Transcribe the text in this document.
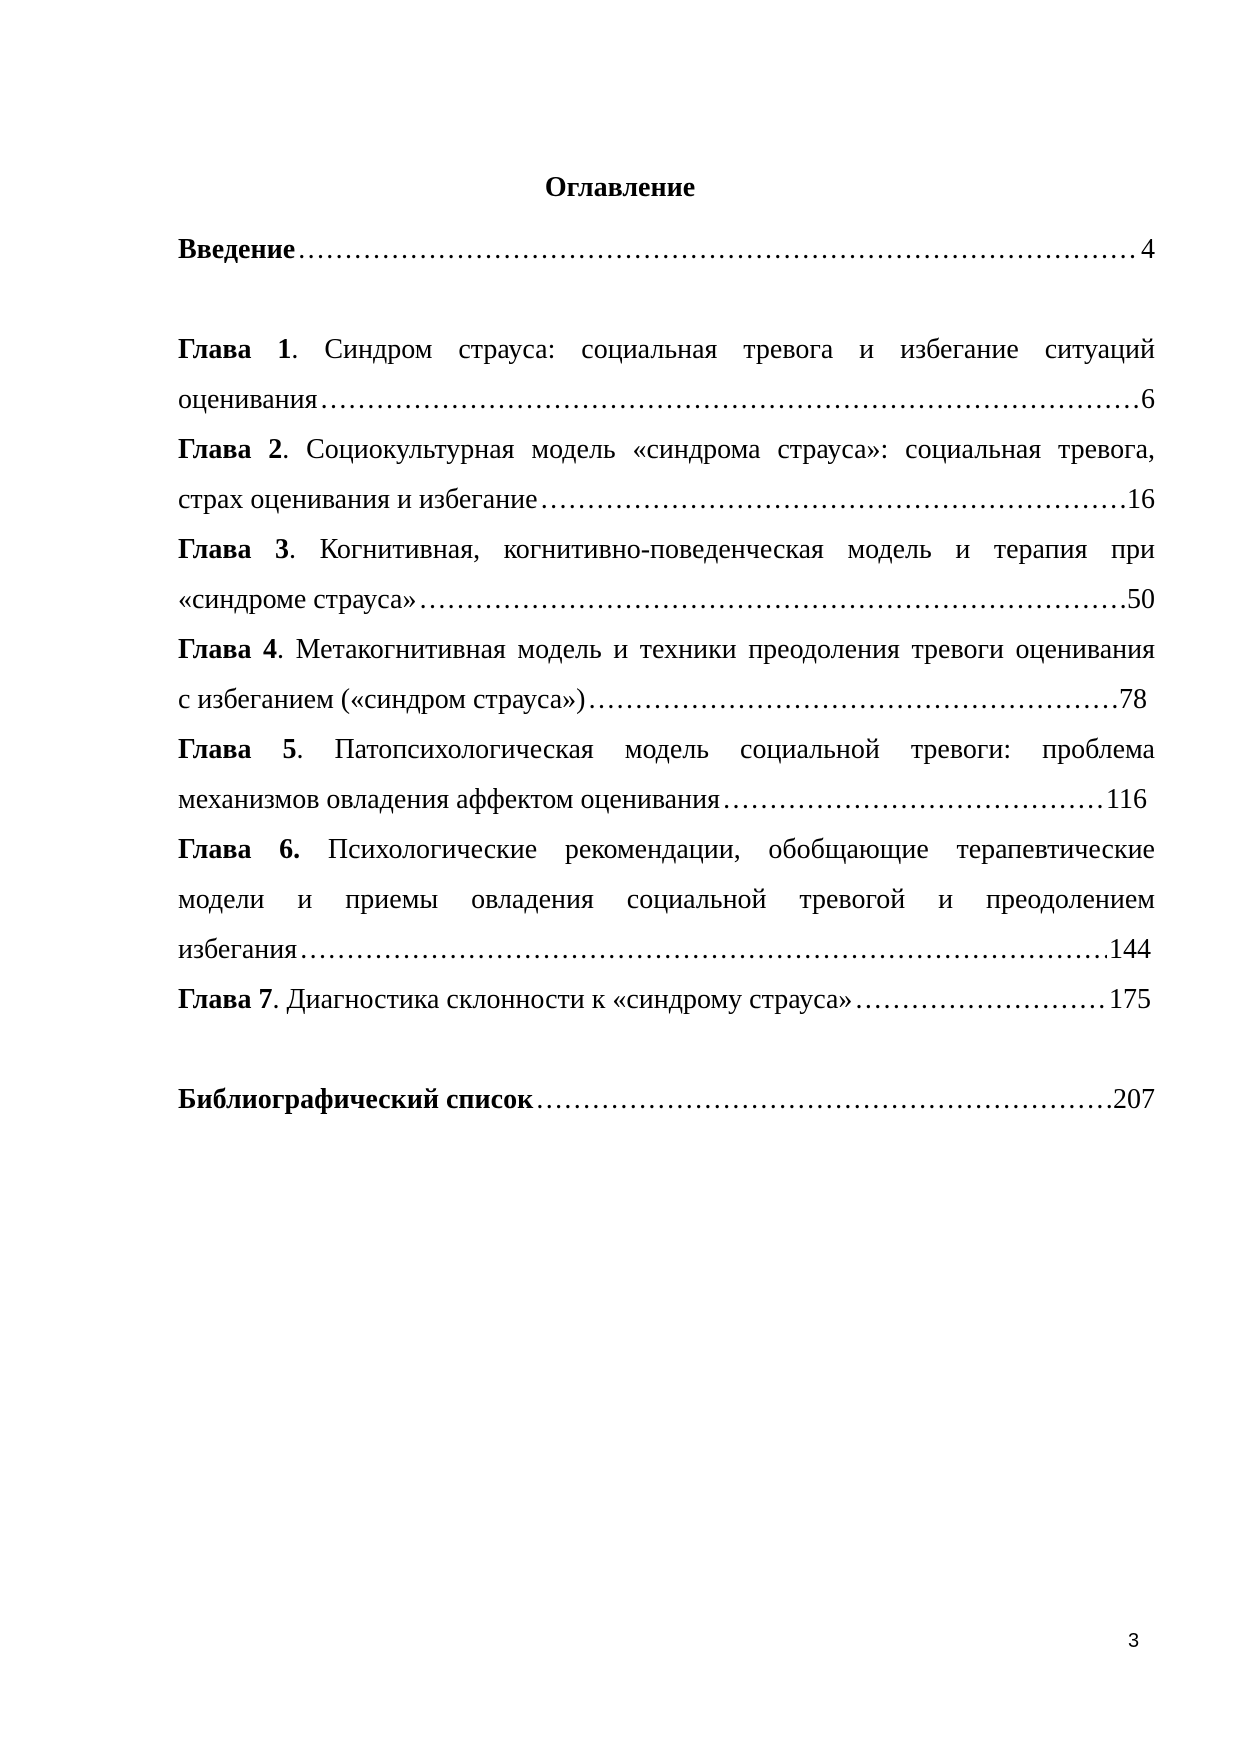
Оглавление
Введение …………………………………………………………………………………………………………………………………………………………………………………………	4
Глава 1. Синдром страуса: социальная тревога и избегание ситуаций
оценивания …………………………………………………………………………………………………………………………………………………………………………………………	6
Глава 2. Социокультурная модель «синдрома страуса»: социальная тревога,
страх оценивания и избегание …………………………………………………………………………………………………………………………………………………………………………………………	16
Глава 3. Когнитивная, когнитивно-поведенческая модель и терапия при
«синдроме страуса» …………………………………………………………………………………………………………………………………………………………………………………………	50
Глава 4. Метакогнитивная модель и техники преодоления тревоги оценивания
с избеганием («синдром страуса») …………………………………………………………………………………………………………………………………………………………………………………………	78
Глава 5. Патопсихологическая модель социальной тревоги: проблема
механизмов овладения аффектом оценивания …………………………………………………………………………………………………………………………………………………………………………………………	116
Глава 6. Психологические рекомендации, обобщающие терапевтические
модели и приемы овладения социальной тревогой и преодолением
избегания …………………………………………………………………………………………………………………………………………………………………………………………	144
Глава 7. Диагностика склонности к «синдрому страуса» …………………………………………………………………………………………………………………………………………………………………………………………	175
Библиографический список …………………………………………………………………………………………………………………………………………………………………………………………	207
3
